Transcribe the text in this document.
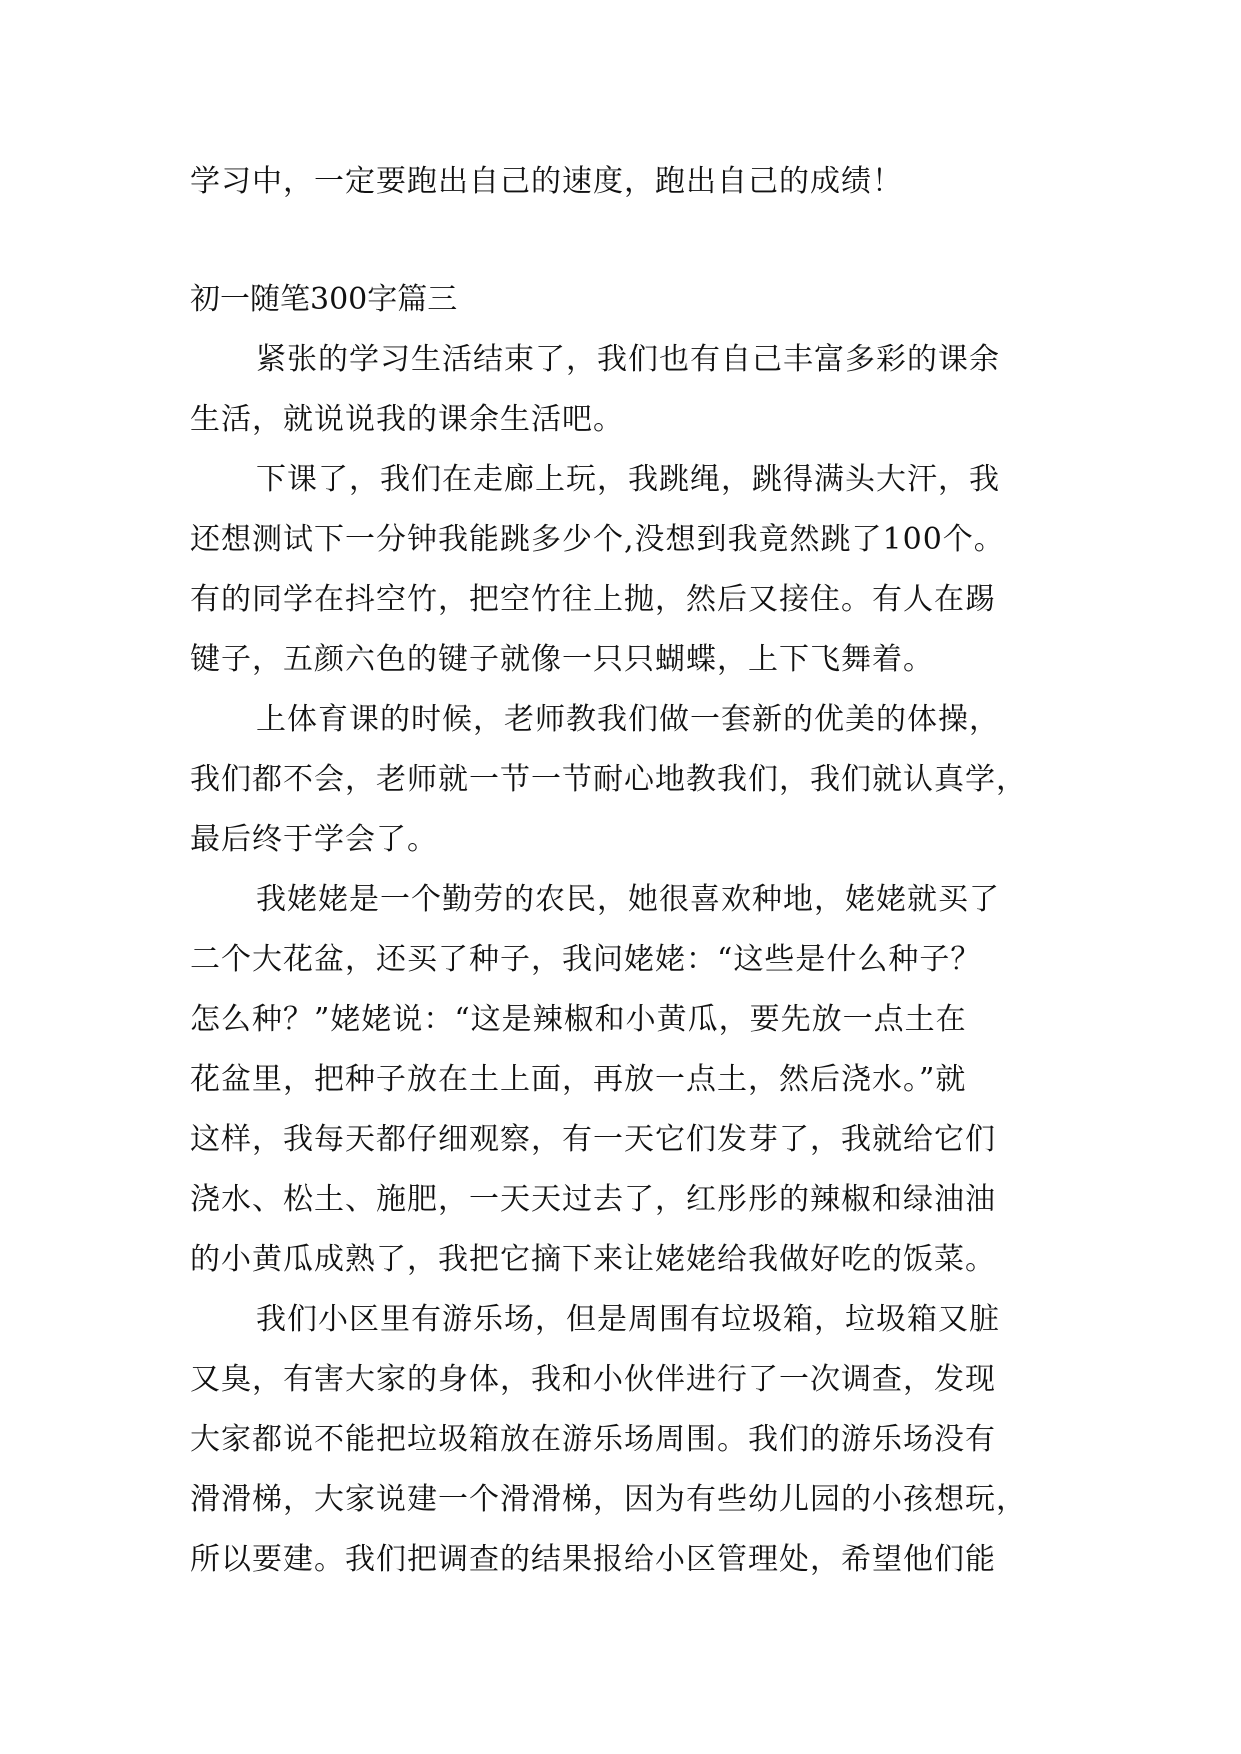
学习中，一定要跑出自己的速度，跑出自己的成绩！
初一随笔300字篇三
紧张的学习生活结束了，我们也有自己丰富多彩的课余
生活，就说说我的课余生活吧。
下课了，我们在走廊上玩，我跳绳，跳得满头大汗，我
还想测试下一分钟我能跳多少个,没想到我竟然跳了100个。
有的同学在抖空竹，把空竹往上抛，然后又接住。有人在踢
键子，五颜六色的键子就像一只只蝴蝶，上下飞舞着。
上体育课的时候，老师教我们做一套新的优美的体操，
我们都不会，老师就一节一节耐心地教我们，我们就认真学，
最后终于学会了。
我姥姥是一个勤劳的农民，她很喜欢种地，姥姥就买了
二个大花盆，还买了种子，我问姥姥：“这些是什么种子？
怎么种？”姥姥说：“这是辣椒和小黄瓜，要先放一点土在
花盆里，把种子放在土上面，再放一点土，然后浇水。”就
这样，我每天都仔细观察，有一天它们发芽了，我就给它们
浇水、松土、施肥，一天天过去了，红彤彤的辣椒和绿油油
的小黄瓜成熟了，我把它摘下来让姥姥给我做好吃的饭菜。
我们小区里有游乐场，但是周围有垃圾箱，垃圾箱又脏
又臭，有害大家的身体，我和小伙伴进行了一次调查，发现
大家都说不能把垃圾箱放在游乐场周围。我们的游乐场没有
滑滑梯，大家说建一个滑滑梯，因为有些幼儿园的小孩想玩，
所以要建。我们把调查的结果报给小区管理处，希望他们能
